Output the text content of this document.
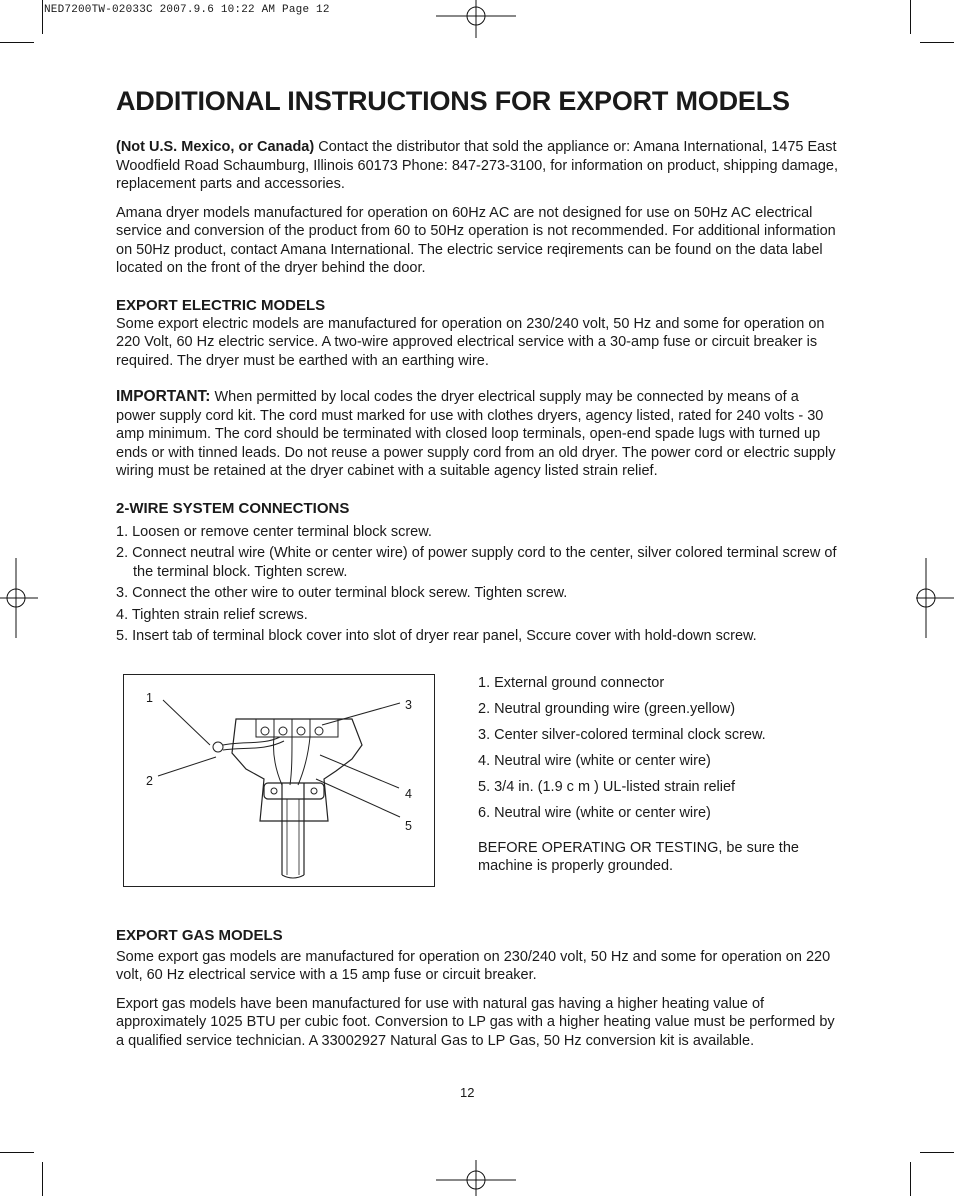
NED7200TW-02033C 2007.9.6 10:22 AM Page 12
ADDITIONAL INSTRUCTIONS FOR EXPORT MODELS

(Not U.S. Mexico, or Canada) Contact the distributor that sold the appliance or: Amana International, 1475 East Woodfield Road Schaumburg, Illinois 60173 Phone: 847-273-3100, for information on product, shipping damage, replacement parts and accessories.

Amana dryer models manufactured for operation on 60Hz AC are not designed for use on 50Hz AC electrical service and conversion of the product from 60 to 50Hz operation is not recommended. For additional information on 50Hz product, contact Amana International. The electric service reqirements can be found on the data label located on the front of the dryer behind the door.

EXPORT ELECTRIC MODELS

Some export electric models are manufactured for operation on 230/240 volt, 50 Hz and some for operation on 220 Volt, 60 Hz electric service. A two-wire approved electrical service with a 30-amp fuse or circuit breaker is required. The dryer must be earthed with an earthing wire.

IMPORTANT: When permitted by local codes the dryer electrical supply may be connected by means of a power supply cord kit. The cord must marked for use with clothes dryers, agency listed, rated for 240 volts - 30 amp minimum. The cord should be terminated with closed loop terminals, open-end spade lugs with turned up ends or with tinned leads. Do not reuse a power supply cord from an old dryer. The power cord or electric supply wiring must be retained at the dryer cabinet with a suitable agency listed strain relief.

2-WIRE SYSTEM CONNECTIONS
1. Loosen or remove center terminal block screw.
2. Connect neutral wire (White or center wire) of power supply cord to the center, silver colored terminal screw of the terminal block. Tighten screw.
3. Connect the other wire to outer terminal block serew. Tighten screw.
4. Tighten strain relief screws.
5. Insert tab of terminal block cover into slot of dryer rear panel, Sccure cover with hold-down screw.
1
2
3
4
5
1. External ground connector
2. Neutral grounding wire (green.yellow)
3. Center silver-colored terminal clock screw.
4. Neutral wire (white or center wire)
5. 3/4 in. (1.9 c m ) UL-listed strain relief
6. Neutral wire (white or center wire)
BEFORE OPERATING OR TESTING, be sure the machine is properly grounded.
EXPORT GAS MODELS

Some export gas models are manufactured for operation on 230/240 volt, 50 Hz and some for operation on 220 volt, 60 Hz electrical service with a 15 amp fuse or circuit breaker.

Export gas models have been manufactured for use with natural gas having a higher heating value of approximately 1025 BTU per cubic foot. Conversion to LP gas with a higher heating value must be performed by a qualified service technician. A 33002927 Natural Gas to LP Gas, 50 Hz conversion kit is available.

12
